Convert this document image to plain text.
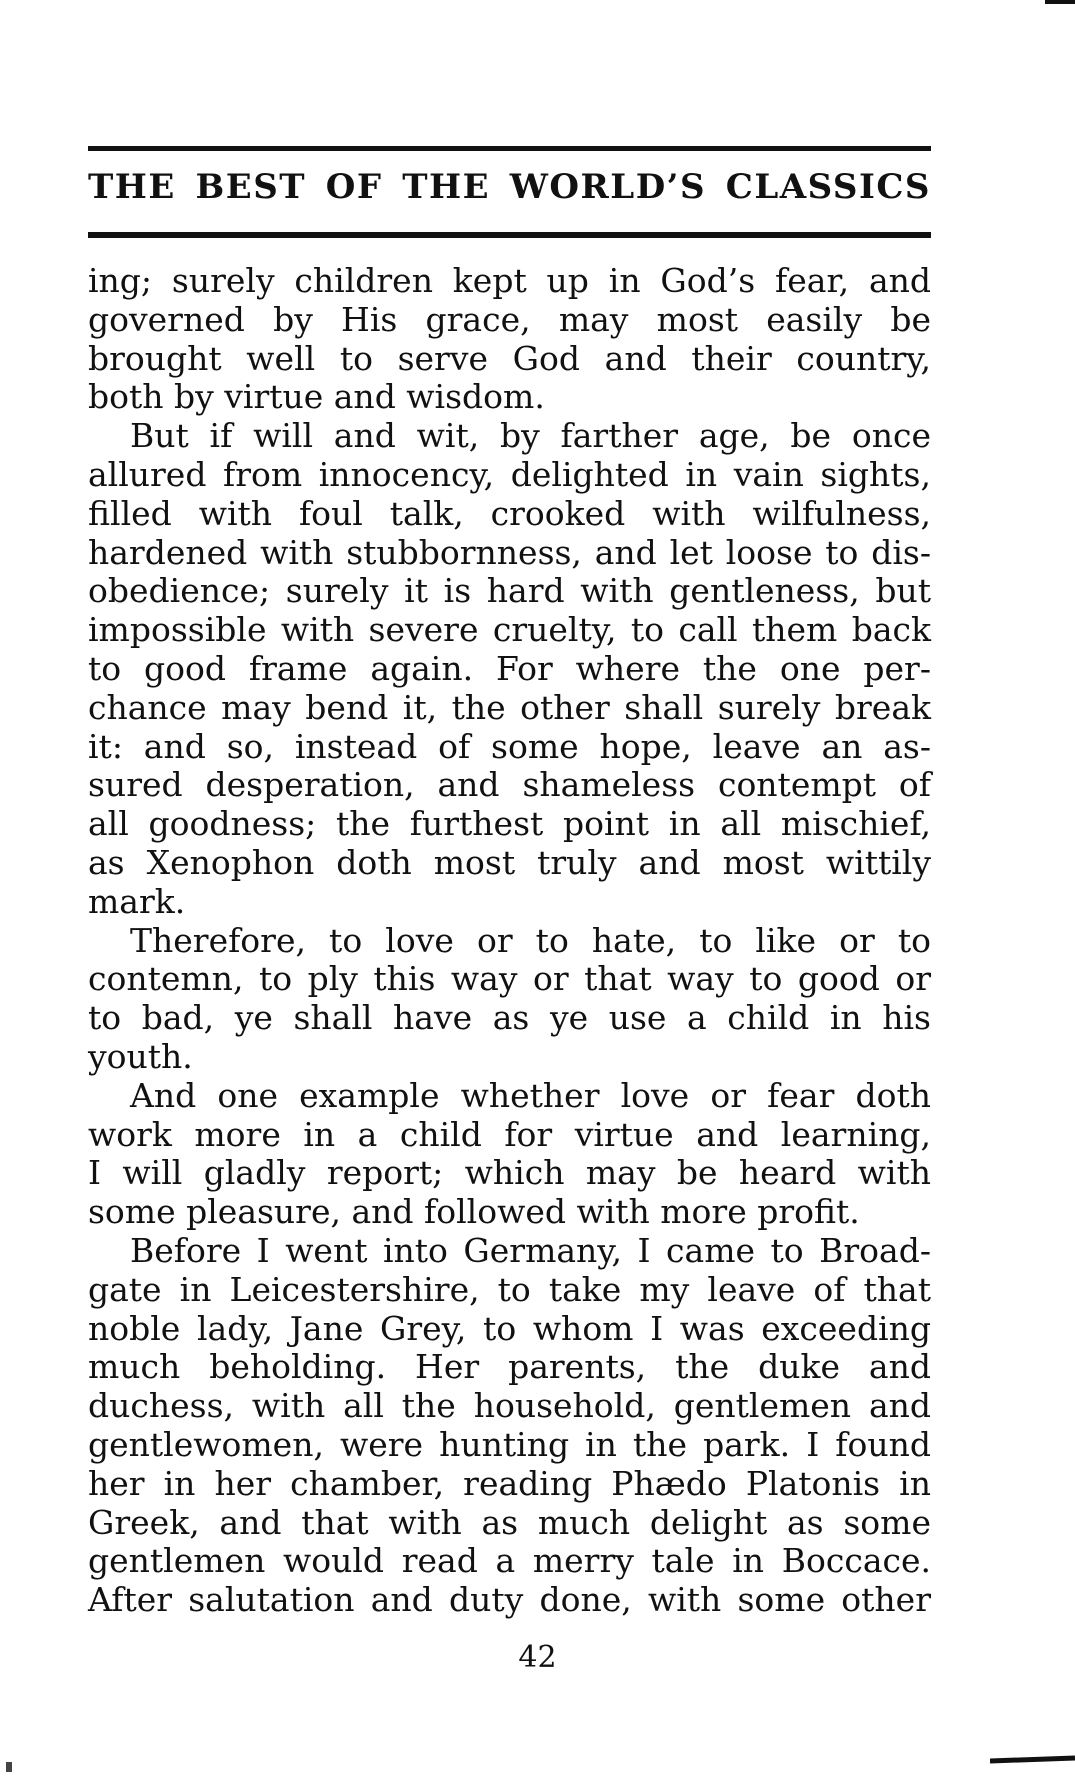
THE BEST OF THE WORLD’S CLASSICS
ing; surely children kept up in God’s fear, and
governed by His grace, may most easily be
brought well to serve God and their country,
both by virtue and wisdom.
But if will and wit, by farther age, be once
allured from innocency, delighted in vain sights,
filled with foul talk, crooked with wilfulness,
hardened with stubbornness, and let loose to dis-
obedience; surely it is hard with gentleness, but
impossible with severe cruelty, to call them back
to good frame again. For where the one per-
chance may bend it, the other shall surely break
it: and so, instead of some hope, leave an as-
sured desperation, and shameless contempt of
all goodness; the furthest point in all mischief,
as Xenophon doth most truly and most wittily
mark.
Therefore, to love or to hate, to like or to
contemn, to ply this way or that way to good or
to bad, ye shall have as ye use a child in his
youth.
And one example whether love or fear doth
work more in a child for virtue and learning,
I will gladly report; which may be heard with
some pleasure, and followed with more profit.
Before I went into Germany, I came to Broad-
gate in Leicestershire, to take my leave of that
noble lady, Jane Grey, to whom I was exceeding
much beholding. Her parents, the duke and
duchess, with all the household, gentlemen and
gentlewomen, were hunting in the park. I found
her in her chamber, reading Phædo Platonis in
Greek, and that with as much delight as some
gentlemen would read a merry tale in Boccace.
After salutation and duty done, with some other
42
